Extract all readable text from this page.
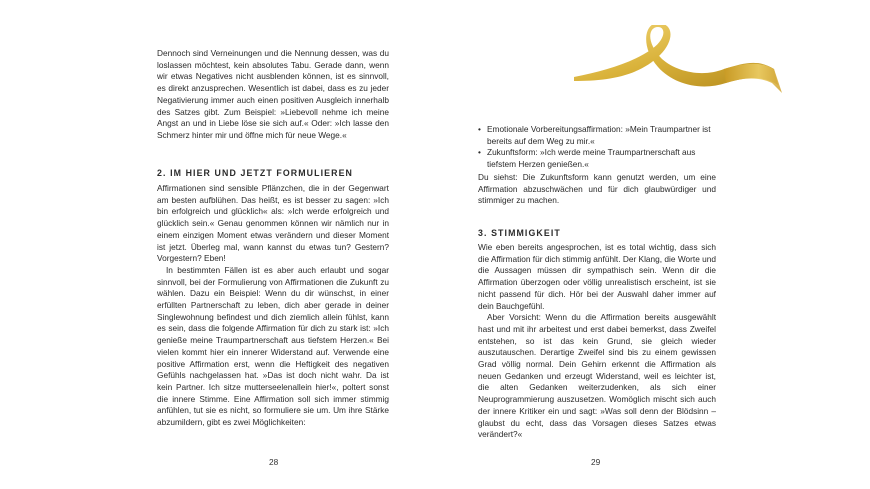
Dennoch sind Verneinungen und die Nennung dessen, was du loslassen möchtest, kein absolutes Tabu. Gerade dann, wenn wir etwas Negatives nicht ausblenden können, ist es sinnvoll, es direkt anzusprechen. Wesentlich ist dabei, dass es zu jeder Negativierung immer auch einen positiven Ausgleich innerhalb des Satzes gibt. Zum Beispiel: »Liebevoll nehme ich meine Angst an und in Liebe löse sie sich auf.« Oder: »Ich lasse den Schmerz hinter mir und öffne mich für neue Wege.«

2. IM HIER UND JETZT FORMULIEREN

Affirmationen sind sensible Pflänzchen, die in der Gegenwart am besten aufblühen. Das heißt, es ist besser zu sagen: »Ich bin erfolgreich und glücklich« als: »Ich werde erfolgreich und glücklich sein.« Genau genommen können wir nämlich nur in einem einzigen Moment etwas verändern und dieser Moment ist jetzt. Überleg mal, wann kannst du etwas tun? Gestern? Vorgestern? Eben!

In bestimmten Fällen ist es aber auch erlaubt und sogar sinnvoll, bei der Formulierung von Affirmationen die Zukunft zu wählen. Dazu ein Beispiel: Wenn du dir wünschst, in einer erfüllten Partnerschaft zu leben, dich aber gerade in deiner Singlewohnung befindest und dich ziemlich allein fühlst, kann es sein, dass die folgende Affirmation für dich zu stark ist: »Ich genieße meine Traumpartnerschaft aus tiefstem Herzen.« Bei vielen kommt hier ein innerer Widerstand auf. Verwende eine positive Affirmation erst, wenn die Heftigkeit des negativen Gefühls nachgelassen hat. »Das ist doch nicht wahr. Da ist kein Partner. Ich sitze mutterseelenallein hier!«, poltert sonst die innere Stimme. Eine Affirmation soll sich immer stimmig anfühlen, tut sie es nicht, so formuliere sie um. Um ihre Stärke abzumildern, gibt es zwei Möglichkeiten:

28
• Emotionale Vorbereitungsaffirmation: »Mein Traumpartner ist bereits auf dem Weg zu mir.«
• Zukunftsform: »Ich werde meine Traumpartnerschaft aus tiefstem Herzen genießen.«

Du siehst: Die Zukunftsform kann genutzt werden, um eine Affirmation abzuschwächen und für dich glaubwürdiger und stimmiger zu machen.

3. STIMMIGKEIT

Wie eben bereits angesprochen, ist es total wichtig, dass sich die Affirmation für dich stimmig anfühlt. Der Klang, die Worte und die Aussagen müssen dir sympathisch sein. Wenn dir die Affirmation überzogen oder völlig unrealistisch erscheint, ist sie nicht passend für dich. Hör bei der Auswahl daher immer auf dein Bauchgefühl.

Aber Vorsicht: Wenn du die Affirmation bereits ausgewählt hast und mit ihr arbeitest und erst dabei bemerkst, dass Zweifel entstehen, so ist das kein Grund, sie gleich wieder auszutauschen. Derartige Zweifel sind bis zu einem gewissen Grad völlig normal. Dein Gehirn erkennt die Affirmation als neuen Gedanken und erzeugt Widerstand, weil es leichter ist, die alten Gedanken weiterzudenken, als sich einer Neuprogrammierung auszusetzen. Womöglich mischt sich auch der innere Kritiker ein und sagt: »Was soll denn der Blödsinn – glaubst du echt, dass das Vorsagen dieses Satzes etwas verändert?«

29
